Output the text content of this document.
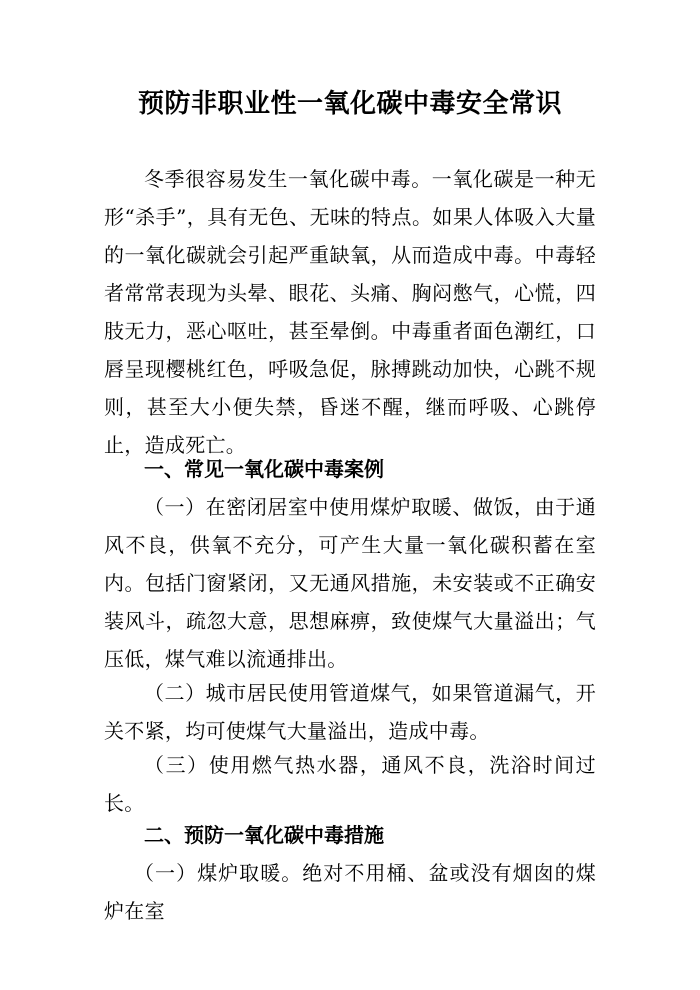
预防非职业性一氧化碳中毒安全常识

冬季很容易发生一氧化碳中毒。一氧化碳是一种无形“杀手”，具有无色、无味的特点。如果人体吸入大量的一氧化碳就会引起严重缺氧，从而造成中毒。中毒轻者常常表现为头晕、眼花、头痛、胸闷憋气，心慌，四肢无力，恶心呕吐，甚至晕倒。中毒重者面色潮红，口唇呈现樱桃红色，呼吸急促，脉搏跳动加快，心跳不规则，甚至大小便失禁，昏迷不醒，继而呼吸、心跳停止，造成死亡。

一、常见一氧化碳中毒案例

（一）在密闭居室中使用煤炉取暖、做饭，由于通风不良，供氧不充分，可产生大量一氧化碳积蓄在室内。包括门窗紧闭，又无通风措施，未安装或不正确安装风斗，疏忽大意，思想麻痹，致使煤气大量溢出；气压低，煤气难以流通排出。

（二）城市居民使用管道煤气，如果管道漏气，开关不紧，均可使煤气大量溢出，造成中毒。

（三）使用燃气热水器，通风不良，洗浴时间过长。

二、预防一氧化碳中毒措施

（一）煤炉取暖。绝对不用桶、盆或没有烟囱的煤炉在室
